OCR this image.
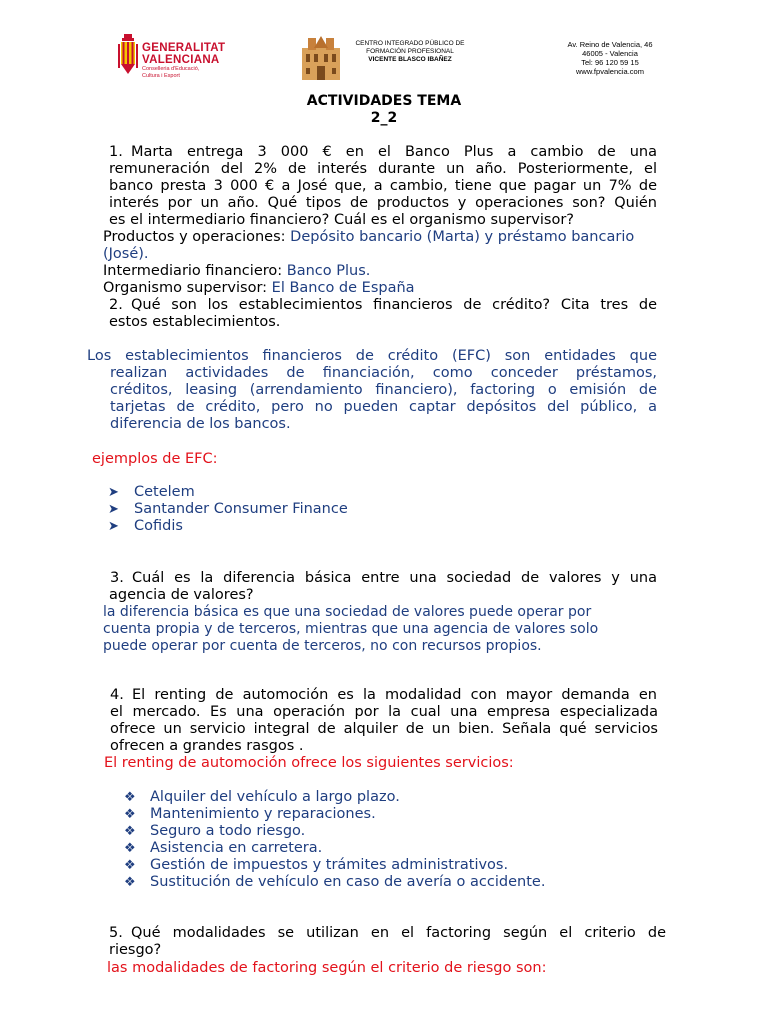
GENERALITAT
VALENCIANA
Conselleria d'Educació,
Cultura i Esport
CENTRO INTEGRADO PÚBLICO DE
FORMACIÓN PROFESIONAL
VICENTE BLASCO IBAÑEZ
Av. Reino de Valencia, 46
46005 - Valencia
Tel: 96 120 59 15
www.fpvalencia.com
ACTIVIDADES TEMA
2_2
1. Marta entrega 3 000 € en el Banco Plus a cambio de una
remuneración del 2% de interés durante un año. Posteriormente, el
banco presta 3 000 € a José que, a cambio, tiene que pagar un 7% de
interés por un año. Qué tipos de productos y operaciones son? Quién
es el intermediario financiero? Cuál es el organismo supervisor?
Productos y operaciones: Depósito bancario (Marta) y préstamo bancario
(José).
Intermediario financiero: Banco Plus.
Organismo supervisor: El Banco de España
2. Qué son los establecimientos financieros de crédito? Cita tres de
estos establecimientos.
Los establecimientos financieros de crédito (EFC) son entidades que
realizan actividades de financiación, como conceder préstamos,
créditos, leasing (arrendamiento financiero), factoring o emisión de
tarjetas de crédito, pero no pueden captar depósitos del público, a
diferencia de los bancos.
ejemplos de EFC:
➤ Cetelem
➤ Santander Consumer Finance
➤ Cofidis
3. Cuál es la diferencia básica entre una sociedad de valores y una
agencia de valores?
la diferencia básica es que una sociedad de valores puede operar por
cuenta propia y de terceros, mientras que una agencia de valores solo
puede operar por cuenta de terceros, no con recursos propios.
4. El renting de automoción es la modalidad con mayor demanda en
el mercado. Es una operación por la cual una empresa especializada
ofrece un servicio integral de alquiler de un bien. Señala qué servicios
ofrecen a grandes rasgos .
El renting de automoción ofrece los siguientes servicios:
❖ Alquiler del vehículo a largo plazo.
❖ Mantenimiento y reparaciones.
❖ Seguro a todo riesgo.
❖ Asistencia en carretera.
❖ Gestión de impuestos y trámites administrativos.
❖ Sustitución de vehículo en caso de avería o accidente.
5. Qué modalidades se utilizan en el factoring según el criterio de
riesgo?
las modalidades de factoring según el criterio de riesgo son:
